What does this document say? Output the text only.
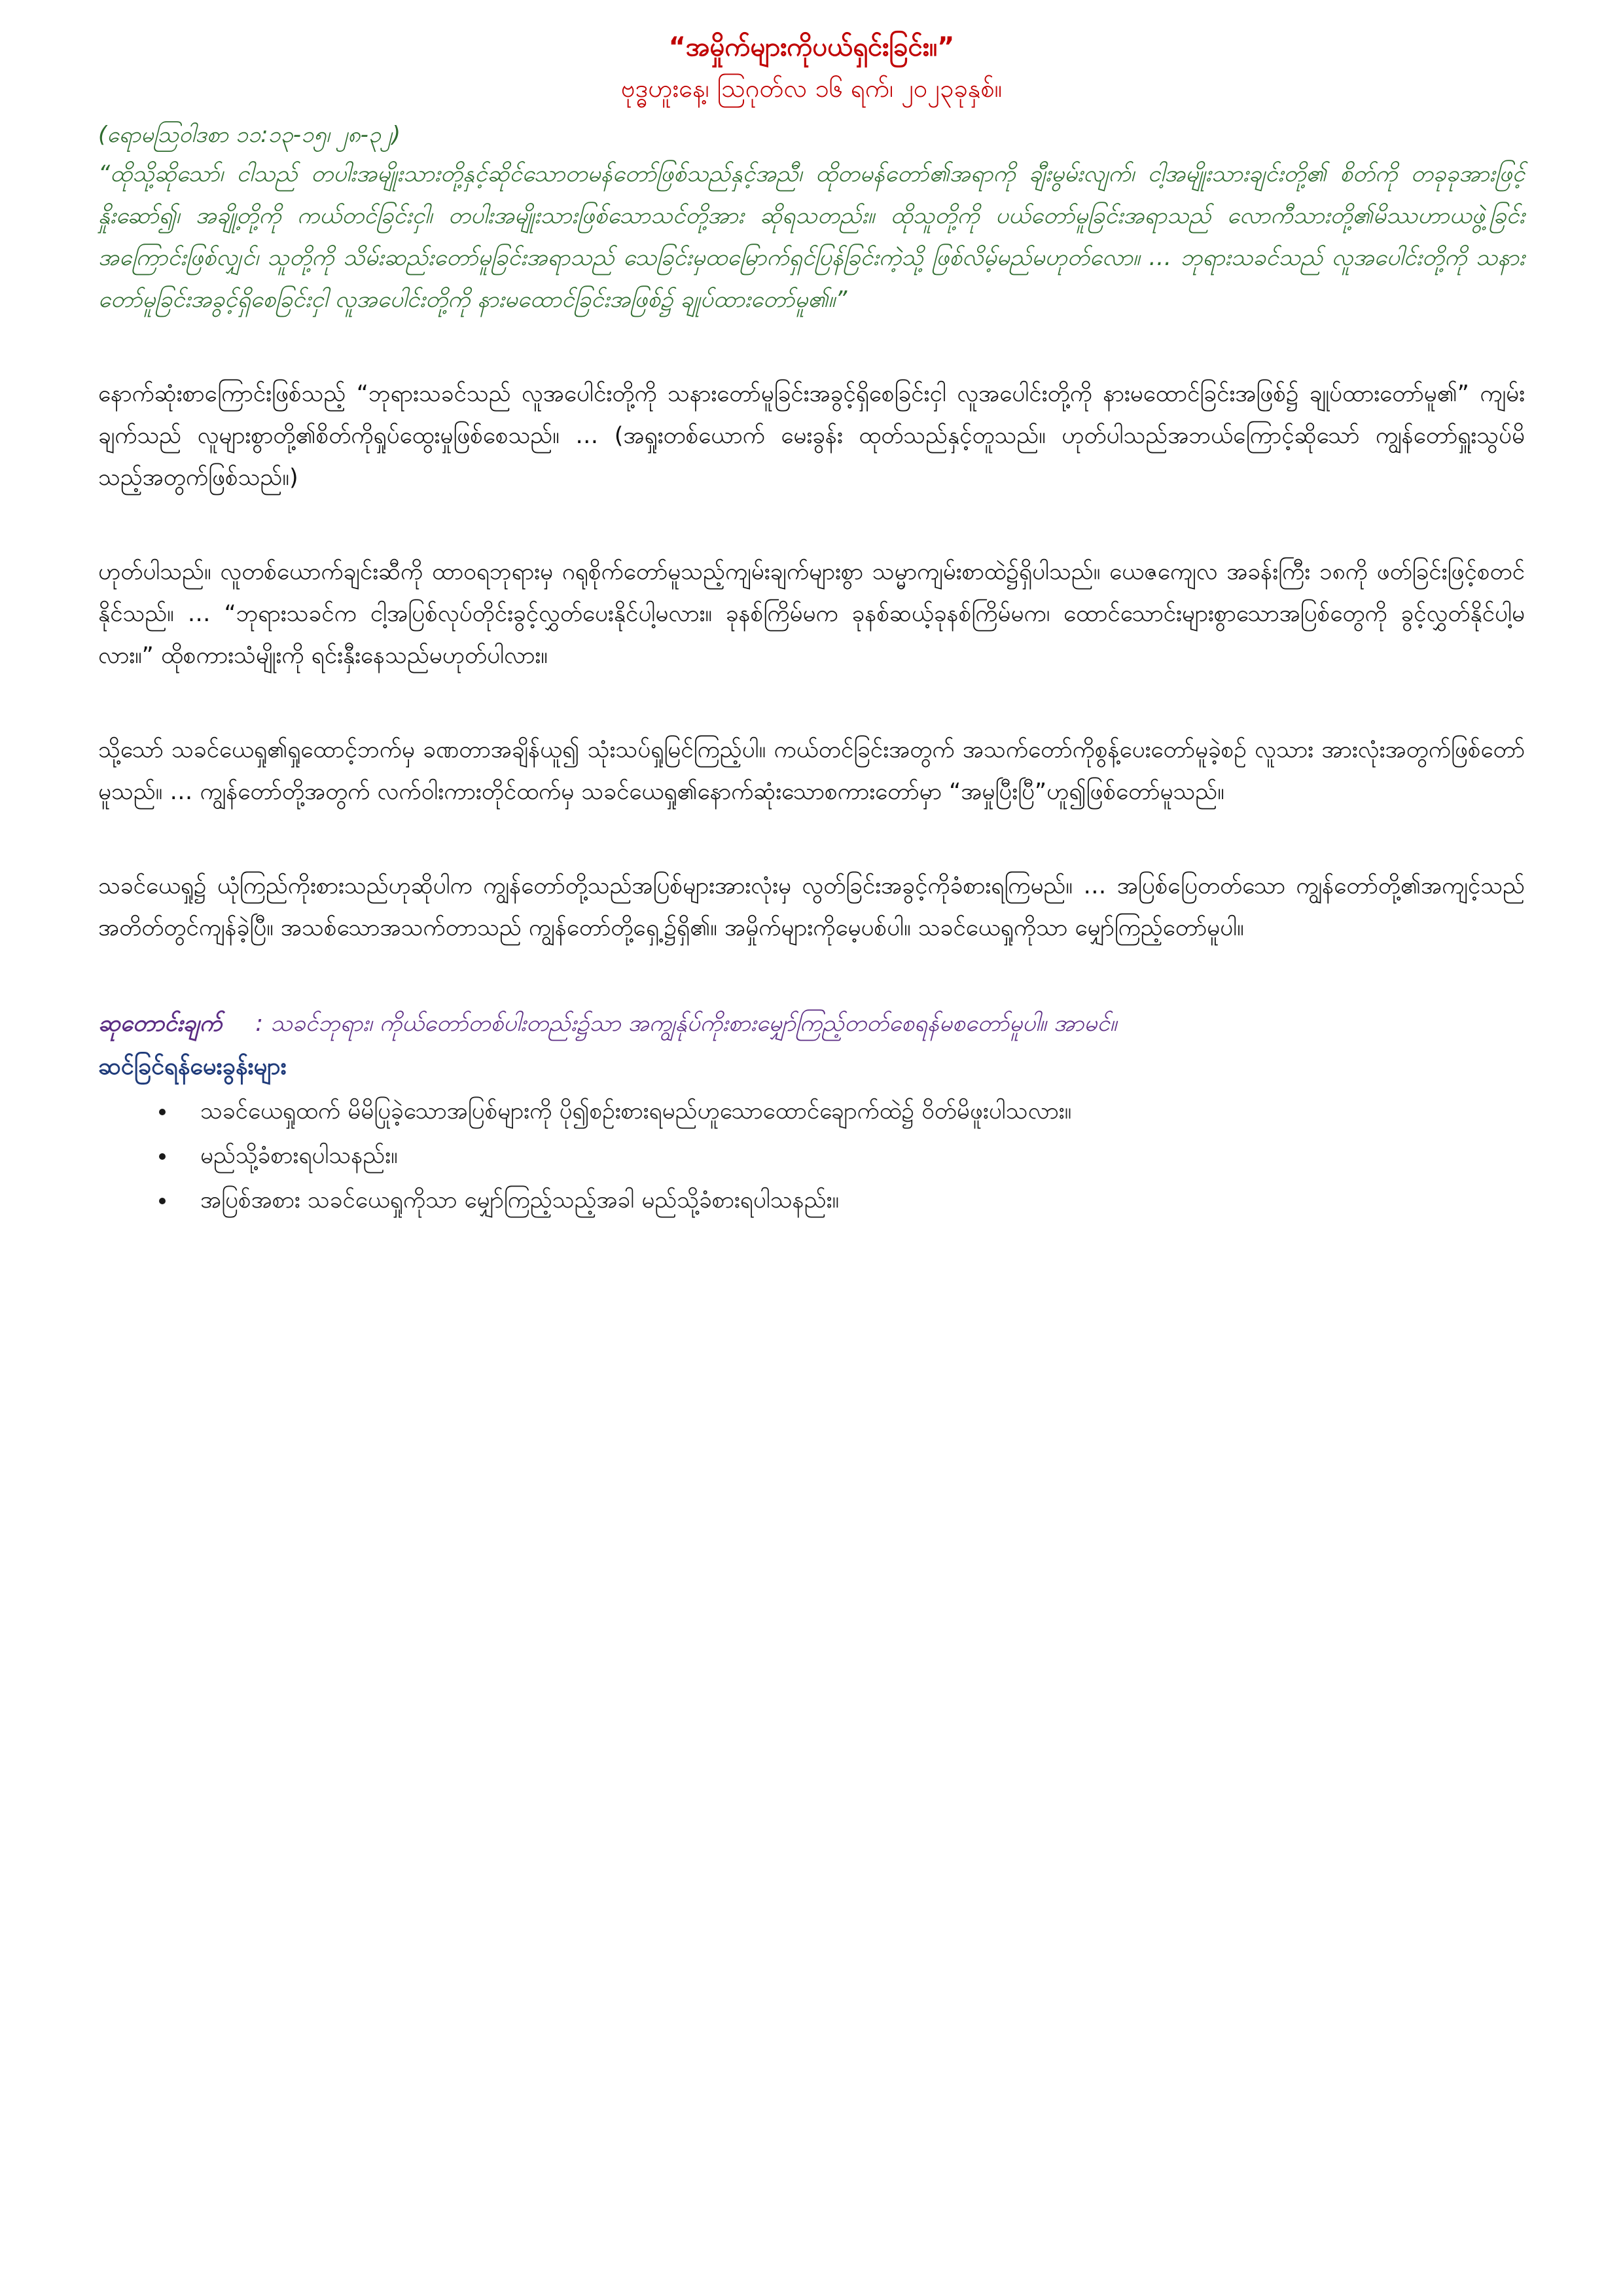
“အမှိုက်များကိုပယ်ရှင်းခြင်း။”

ဗုဒ္ဓဟူးနေ့၊ ဩဂုတ်လ ၁၆ ရက်၊ ၂၀၂၃ခုနှစ်။

(ရောမဩဝါဒစာ ၁၁:၁၃-၁၅၊ ၂၈-၃၂)

“ထိုသို့ဆိုသော်၊ ငါသည် တပါးအမျိုးသားတို့နှင့်ဆိုင်သောတမန်တော်ဖြစ်သည်နှင့်အညီ၊ ထိုတမန်တော်၏အရာကို ချီးမွမ်းလျက်၊ ငါ့အမျိုးသားချင်းတို့၏ စိတ်ကို တခုခုအားဖြင့်နှိုးဆော်၍၊ အချို့တို့ကို ကယ်တင်ခြင်းငှါ၊ တပါးအမျိုးသားဖြစ်သောသင်တို့အား ဆိုရသတည်း။ ထိုသူတို့ကို ပယ်တော်မူခြင်းအရာသည် လောကီသားတို့၏မိဿဟာယဖွဲ့ခြင်းအကြောင်းဖြစ်လျှင်၊ သူတို့ကို သိမ်းဆည်းတော်မူခြင်းအရာသည် သေခြင်းမှထမြောက်ရှင်ပြန်ခြင်းကဲ့သို့ ဖြစ်လိမ့်မည်မဟုတ်လော။ … ဘုရားသခင်သည် လူအပေါင်းတို့ကို သနားတော်မူခြင်းအခွင့်ရှိစေခြင်းငှါ လူအပေါင်းတို့ကို နားမထောင်ခြင်းအဖြစ်၌ ချုပ်ထားတော်မူ၏။”

နောက်ဆုံးစာကြောင်းဖြစ်သည့် “ဘုရားသခင်သည် လူအပေါင်းတို့ကို သနားတော်မူခြင်းအခွင့်ရှိစေခြင်းငှါ လူအပေါင်းတို့ကို နားမထောင်ခြင်းအဖြစ်၌ ချုပ်ထားတော်မူ၏” ကျမ်းချက်သည် လူများစွာတို့၏စိတ်ကိုရှုပ်ထွေးမှုဖြစ်စေသည်။ … (အရှုးတစ်ယောက် မေးခွန်း ထုတ်သည်နှင့်တူသည်။ ဟုတ်ပါသည်အဘယ်ကြောင့်ဆိုသော် ကျွန်တော်ရှူးသွပ်မိသည့်အတွက်ဖြစ်သည်။)

ဟုတ်ပါသည်။ လူတစ်ယောက်ချင်းဆီကို ထာဝရဘုရားမှ ဂရုစိုက်တော်မူသည့်ကျမ်းချက်များစွာ သမ္မာကျမ်းစာထဲ၌ရှိပါသည်။ ယေဇကျေလ အခန်းကြီး ၁၈ကို ဖတ်ခြင်းဖြင့်စတင်နိုင်သည်။ … “ဘုရားသခင်က ငါ့အပြစ်လုပ်တိုင်းခွင့်လွှတ်ပေးနိုင်ပါ့မလား။ ခုနစ်ကြိမ်မက ခုနစ်ဆယ့်ခုနစ်ကြိမ်မက၊ ထောင်သောင်းများစွာသောအပြစ်တွေကို ခွင့်လွှတ်နိုင်ပါ့မလား။” ထိုစကားသံမျိုးကို ရင်းနှီးနေသည်မဟုတ်ပါလား။

သို့သော် သခင်ယေရှု၏ရှုထောင့်ဘက်မှ ခဏတာအချိန်ယူ၍ သုံးသပ်ရှုမြင်ကြည့်ပါ။ ကယ်တင်ခြင်းအတွက် အသက်တော်ကိုစွန့်ပေးတော်မူခဲ့စဉ် လူသား အားလုံးအတွက်ဖြစ်တော်မူသည်။ … ကျွန်တော်တို့အတွက် လက်ဝါးကားတိုင်ထက်မှ သခင်ယေရှု၏နောက်ဆုံးသောစကားတော်မှာ “အမှုပြီးပြီ”ဟူ၍ဖြစ်တော်မူသည်။

သခင်ယေရှု၌ ယုံကြည်ကိုးစားသည်ဟုဆိုပါက ကျွန်တော်တို့သည်အပြစ်များအားလုံးမှ လွတ်ခြင်းအခွင့်ကိုခံစားရကြမည်။ … အပြစ်ပြေတတ်သော ကျွန်တော်တို့၏အကျင့်သည် အတိတ်တွင်ကျန်ခဲ့ပြီ။ အသစ်သောအသက်တာသည် ကျွန်တော်တို့ရှေ့၌ရှိ၏။ အမှိုက်များကိုမေ့ပစ်ပါ။ သခင်ယေရှုကိုသာ မျှော်ကြည့်တော်မူပါ။

ဆုတောင်းချက် : သခင်ဘုရား၊ ကိုယ်တော်တစ်ပါးတည်း၌သာ အကျွန်ုပ်ကိုးစားမျှော်ကြည့်တတ်စေရန်မစတော်မူပါ။ အာမင်။

ဆင်ခြင်ရန်မေးခွန်းများ

• သခင်ယေရှုထက် မိမိပြုခဲ့သောအပြစ်များကို ပို၍စဉ်းစားရမည်ဟူသောထောင်ချောက်ထဲ၌ ဝိတ်မိဖူးပါသလား။
• မည်သို့ခံစားရပါသနည်း။
• အပြစ်အစား သခင်ယေရှုကိုသာ မျှော်ကြည့်သည့်အခါ မည်သို့ခံစားရပါသနည်း။
